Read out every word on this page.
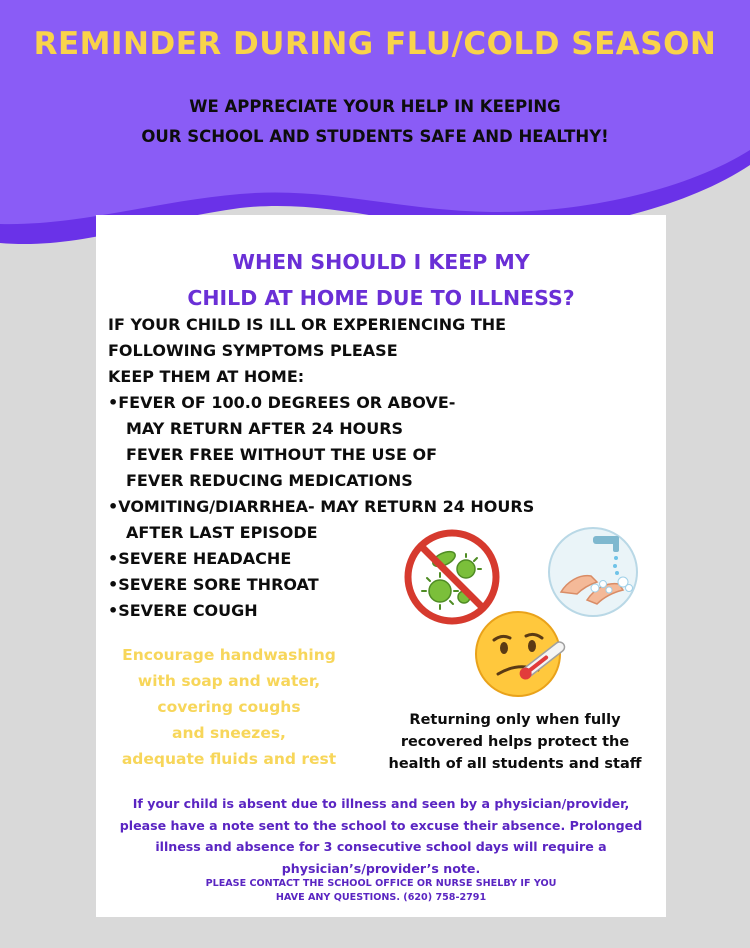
REMINDER DURING FLU/COLD SEASON
WE APPRECIATE YOUR HELP IN KEEPING
OUR SCHOOL AND STUDENTS SAFE AND HEALTHY!
WHEN SHOULD I KEEP MY
CHILD AT HOME DUE TO ILLNESS?
IF YOUR CHILD IS ILL OR EXPERIENCING THE
FOLLOWING SYMPTOMS PLEASE
KEEP THEM AT HOME:
•FEVER OF 100.0 DEGREES OR ABOVE-
MAY RETURN AFTER 24 HOURS
FEVER FREE WITHOUT THE USE OF
FEVER REDUCING MEDICATIONS
•VOMITING/DIARRHEA- MAY RETURN 24 HOURS
AFTER LAST EPISODE
•SEVERE HEADACHE
•SEVERE SORE THROAT
•SEVERE COUGH
Encourage handwashing
with soap and water,
covering coughs
and sneezes,
adequate fluids and rest
Returning only when fully
recovered helps protect the
health of all students and staff
If your child is absent due to illness and seen by a physician/provider,
please have a note sent to the school to excuse their absence. Prolonged
illness and absence for 3 consecutive school days will require a
physician’s/provider’s note.
PLEASE CONTACT THE SCHOOL OFFICE OR NURSE SHELBY IF YOU
HAVE ANY QUESTIONS. (620) 758-2791
